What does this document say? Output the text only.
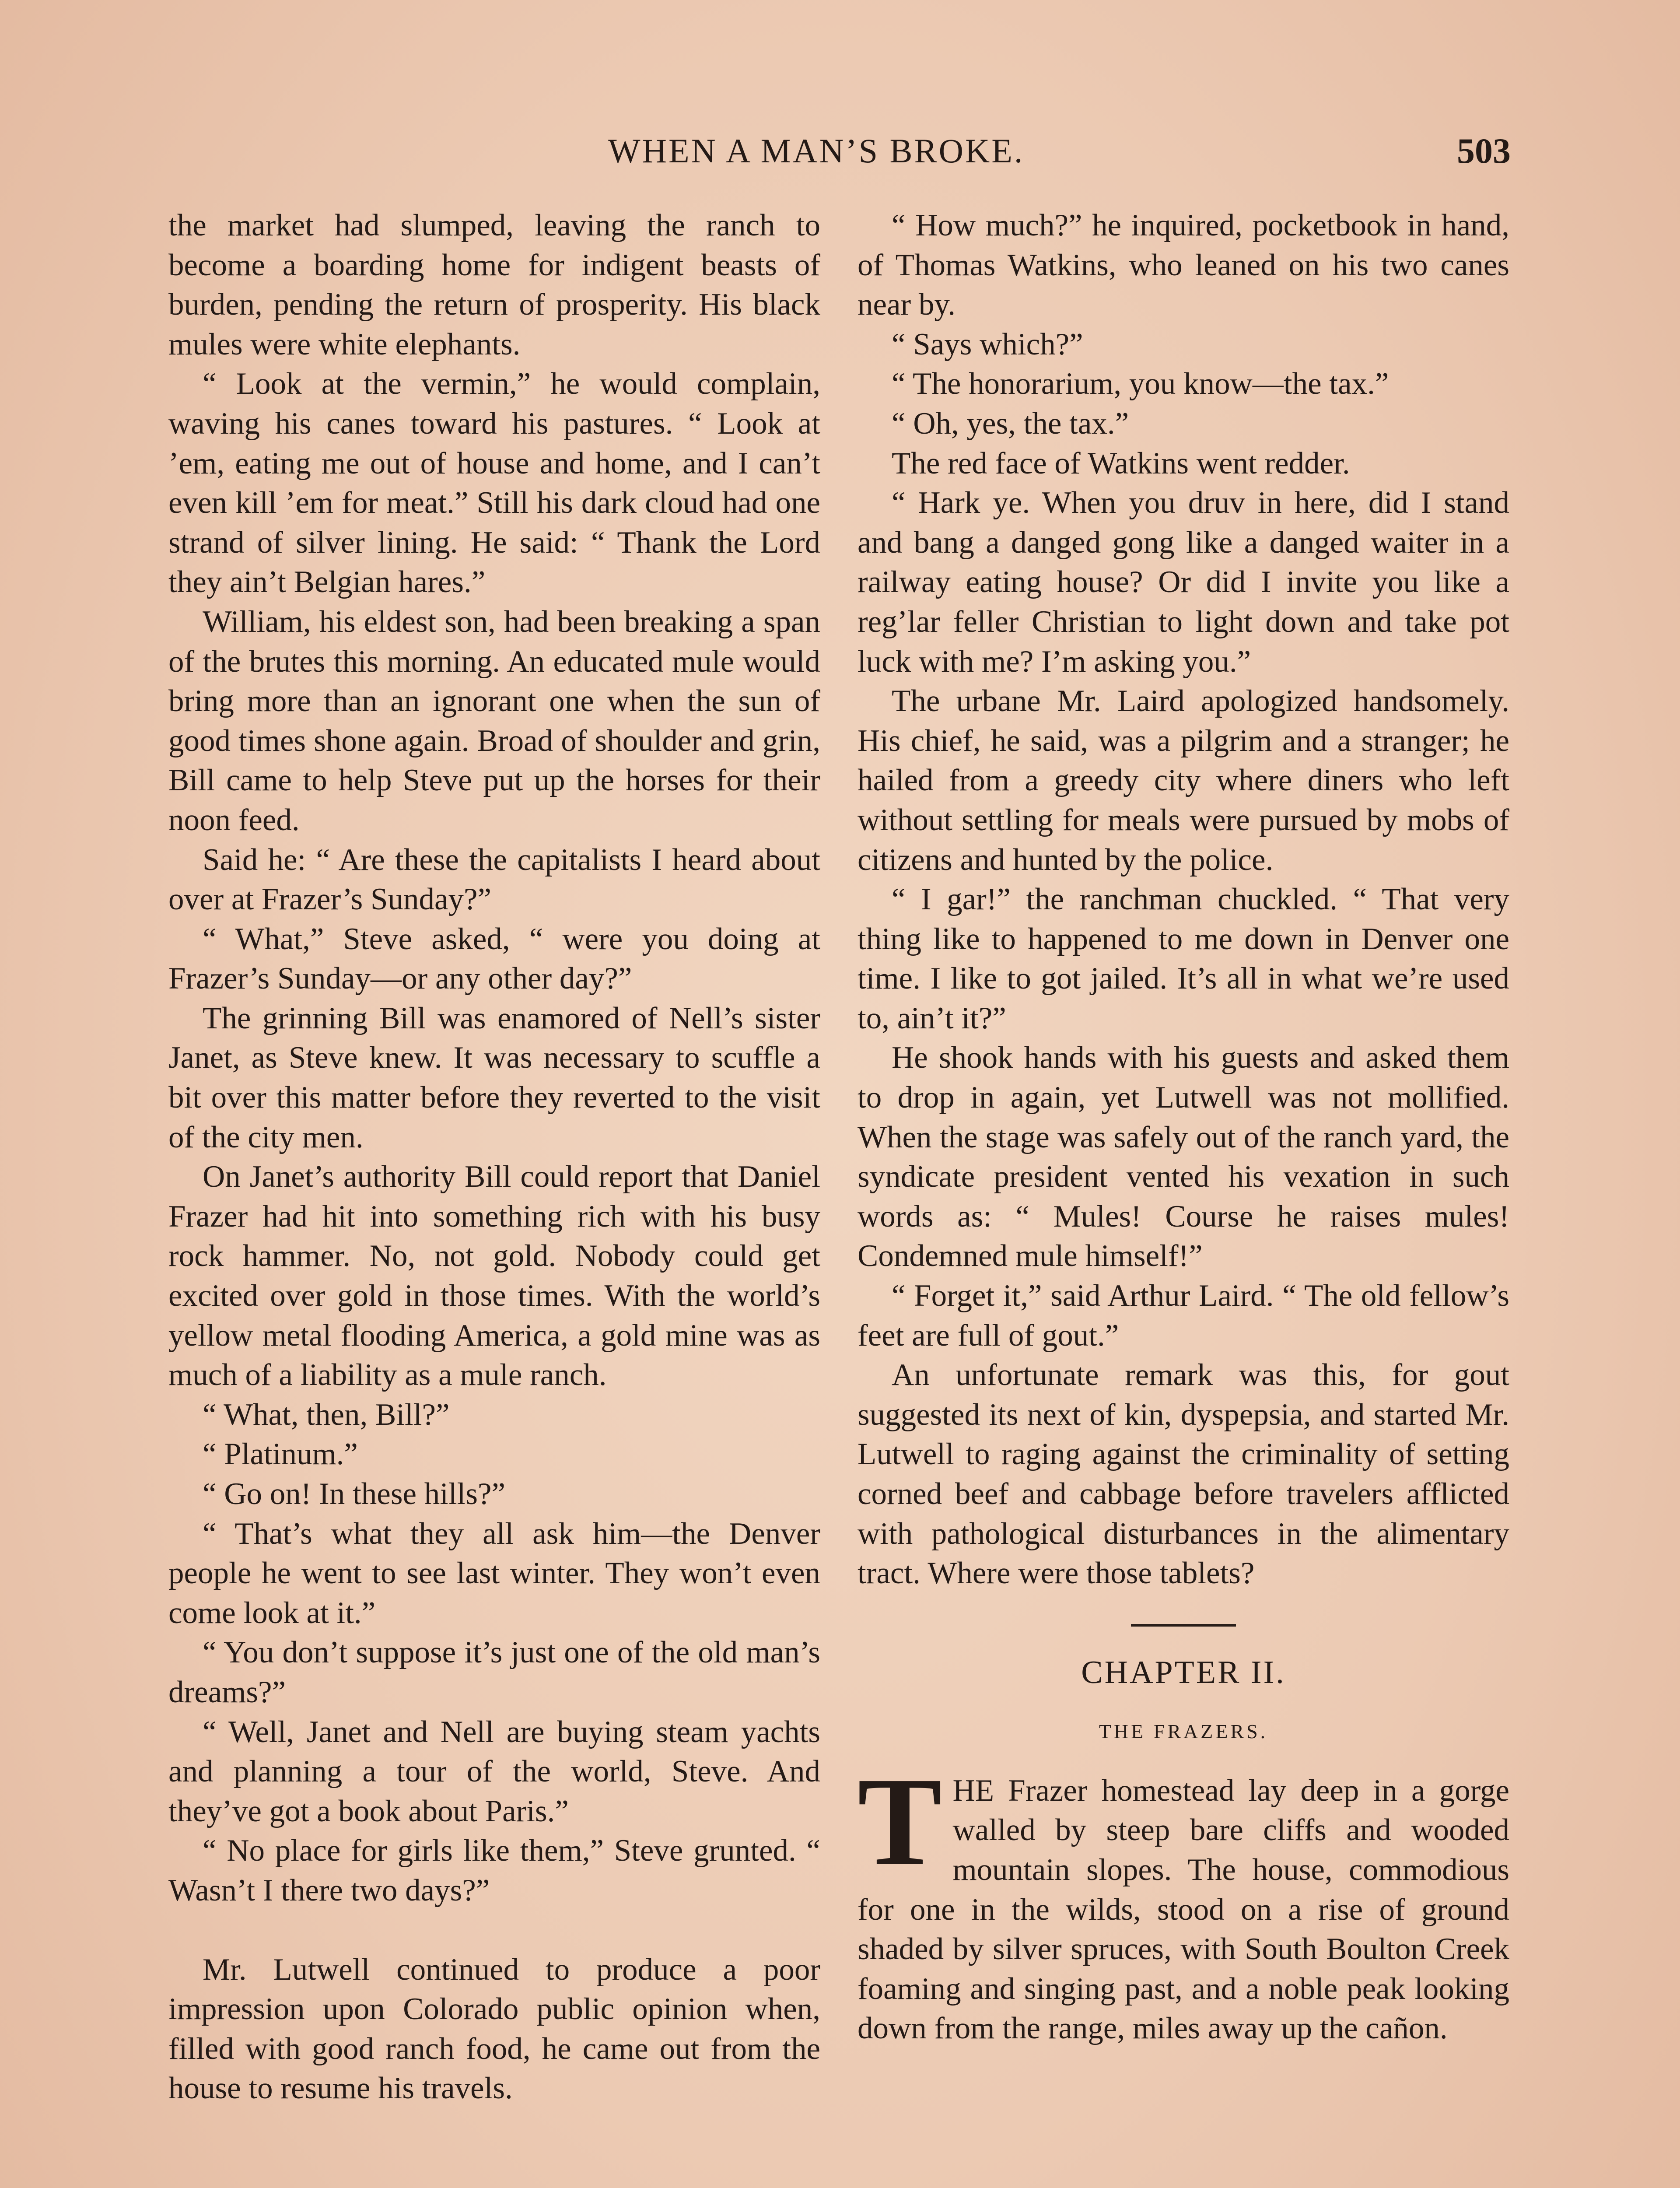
WHEN A MAN’S BROKE.	503

the market had slumped, leaving the ranch to become a boarding home for indigent beasts of burden, pending the return of prosperity. His black mules were white elephants.

“ Look at the vermin,” he would complain, waving his canes toward his pastures. “ Look at ’em, eating me out of house and home, and I can’t even kill ’em for meat.” Still his dark cloud had one strand of silver lining. He said: “ Thank the Lord they ain’t Belgian hares.”

William, his eldest son, had been breaking a span of the brutes this morning. An educated mule would bring more than an ignorant one when the sun of good times shone again. Broad of shoulder and grin, Bill came to help Steve put up the horses for their noon feed.

Said he: “ Are these the capitalists I heard about over at Frazer’s Sunday?”

“ What,” Steve asked, “ were you doing at Frazer’s Sunday—or any other day?”

The grinning Bill was enamored of Nell’s sister Janet, as Steve knew. It was necessary to scuffle a bit over this matter before they reverted to the visit of the city men.

On Janet’s authority Bill could report that Daniel Frazer had hit into something rich with his busy rock hammer. No, not gold. Nobody could get excited over gold in those times. With the world’s yellow metal flooding America, a gold mine was as much of a liability as a mule ranch.

“ What, then, Bill?”

“ Platinum.”

“ Go on! In these hills?”

“ That’s what they all ask him—the Denver people he went to see last winter. They won’t even come look at it.”

“ You don’t suppose it’s just one of the old man’s dreams?”

“ Well, Janet and Nell are buying steam yachts and planning a tour of the world, Steve. And they’ve got a book about Paris.”

“ No place for girls like them,” Steve grunted. “ Wasn’t I there two days?”

Mr. Lutwell continued to produce a poor impression upon Colorado public opinion when, filled with good ranch food, he came out from the house to resume his travels.

“ How much?” he inquired, pocketbook in hand, of Thomas Watkins, who leaned on his two canes near by.

“ Says which?”

“ The honorarium, you know—the tax.”

“ Oh, yes, the tax.”

The red face of Watkins went redder.

“ Hark ye. When you druv in here, did I stand and bang a danged gong like a danged waiter in a railway eating house? Or did I invite you like a reg’lar feller Christian to light down and take pot luck with me? I’m asking you.”

The urbane Mr. Laird apologized handsomely. His chief, he said, was a pilgrim and a stranger; he hailed from a greedy city where diners who left without settling for meals were pursued by mobs of citizens and hunted by the police.

“ I gar!” the ranchman chuckled. “ That very thing like to happened to me down in Denver one time. I like to got jailed. It’s all in what we’re used to, ain’t it?”

He shook hands with his guests and asked them to drop in again, yet Lutwell was not mollified. When the stage was safely out of the ranch yard, the syndicate president vented his vexation in such words as: “ Mules! Course he raises mules! Condemned mule himself!”

“ Forget it,” said Arthur Laird. “ The old fellow’s feet are full of gout.”

An unfortunate remark was this, for gout suggested its next of kin, dyspepsia, and started Mr. Lutwell to raging against the criminality of setting corned beef and cabbage before travelers afflicted with pathological disturbances in the alimentary tract. Where were those tablets?

CHAPTER II.

THE FRAZERS.

THE Frazer homestead lay deep in a gorge walled by steep bare cliffs and wooded mountain slopes. The house, commodious for one in the wilds, stood on a rise of ground shaded by silver spruces, with South Boulton Creek foaming and singing past, and a noble peak looking down from the range, miles away up the cañon.
